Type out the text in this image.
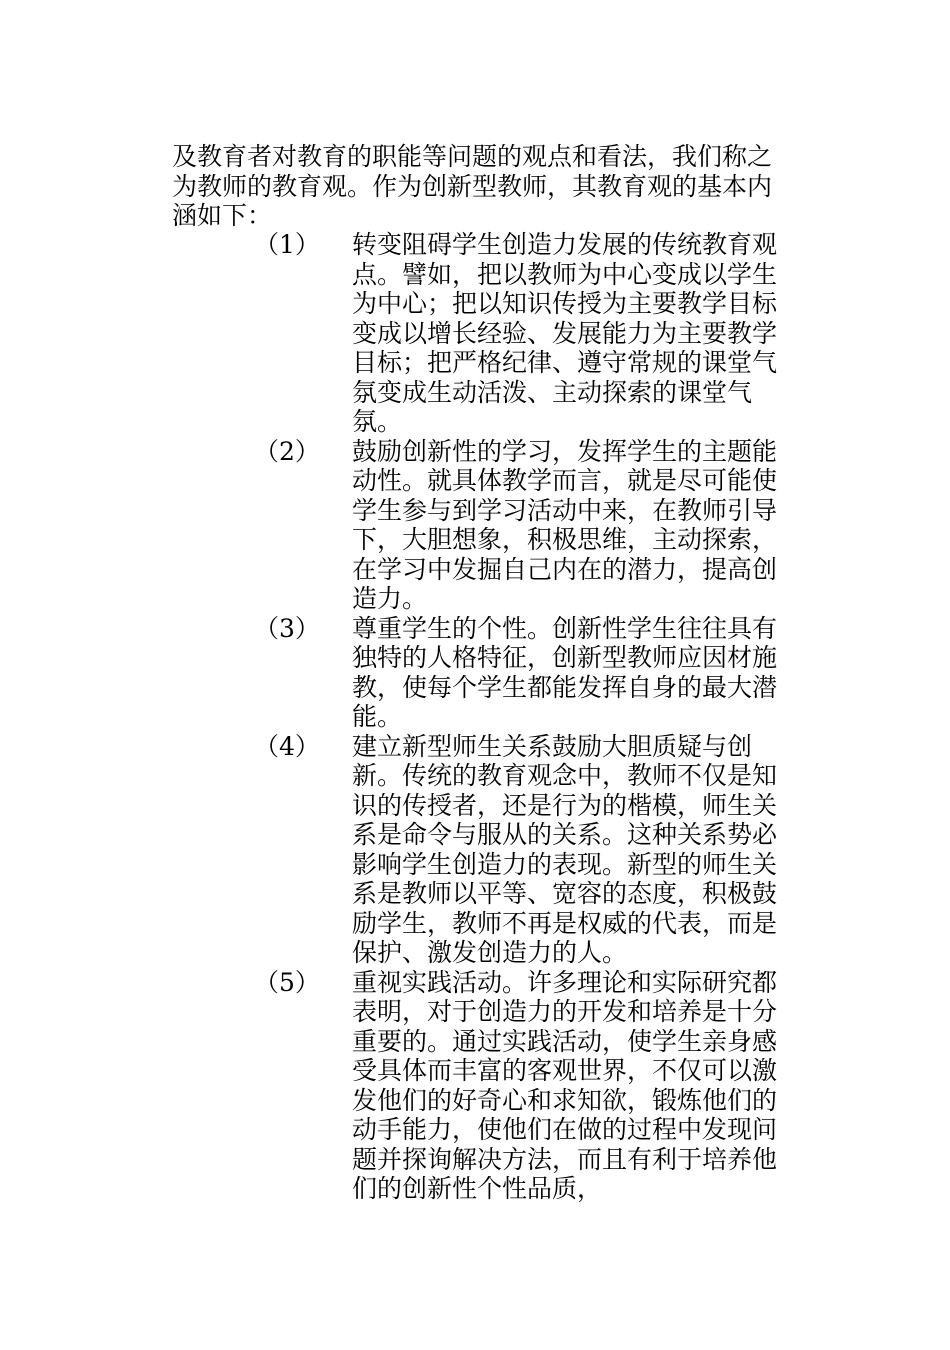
及教育者对教育的职能等问题的观点和看法，我们称之为教师的教育观。作为创新型教师，其教育观的基本内涵如下：

（1） 转变阻碍学生创造力发展的传统教育观点。譬如，把以教师为中心变成以学生为中心；把以知识传授为主要教学目标变成以增长经验、发展能力为主要教学目标；把严格纪律、遵守常规的课堂气氛变成生动活泼、主动探索的课堂气氛。
（2） 鼓励创新性的学习，发挥学生的主题能动性。就具体教学而言，就是尽可能使学生参与到学习活动中来，在教师引导下，大胆想象，积极思维，主动探索，在学习中发掘自己内在的潜力，提高创造力。
（3） 尊重学生的个性。创新性学生往往具有独特的人格特征，创新型教师应因材施教，使每个学生都能发挥自身的最大潜能。
（4） 建立新型师生关系鼓励大胆质疑与创新。传统的教育观念中，教师不仅是知识的传授者，还是行为的楷模，师生关系是命令与服从的关系。这种关系势必影响学生创造力的表现。新型的师生关系是教师以平等、宽容的态度，积极鼓励学生，教师不再是权威的代表，而是保护、激发创造力的人。
（5） 重视实践活动。许多理论和实际研究都表明，对于创造力的开发和培养是十分重要的。通过实践活动，使学生亲身感受具体而丰富的客观世界，不仅可以激发他们的好奇心和求知欲，锻炼他们的动手能力，使他们在做的过程中发现问题并探询解决方法，而且有利于培养他们的创新性个性品质，
